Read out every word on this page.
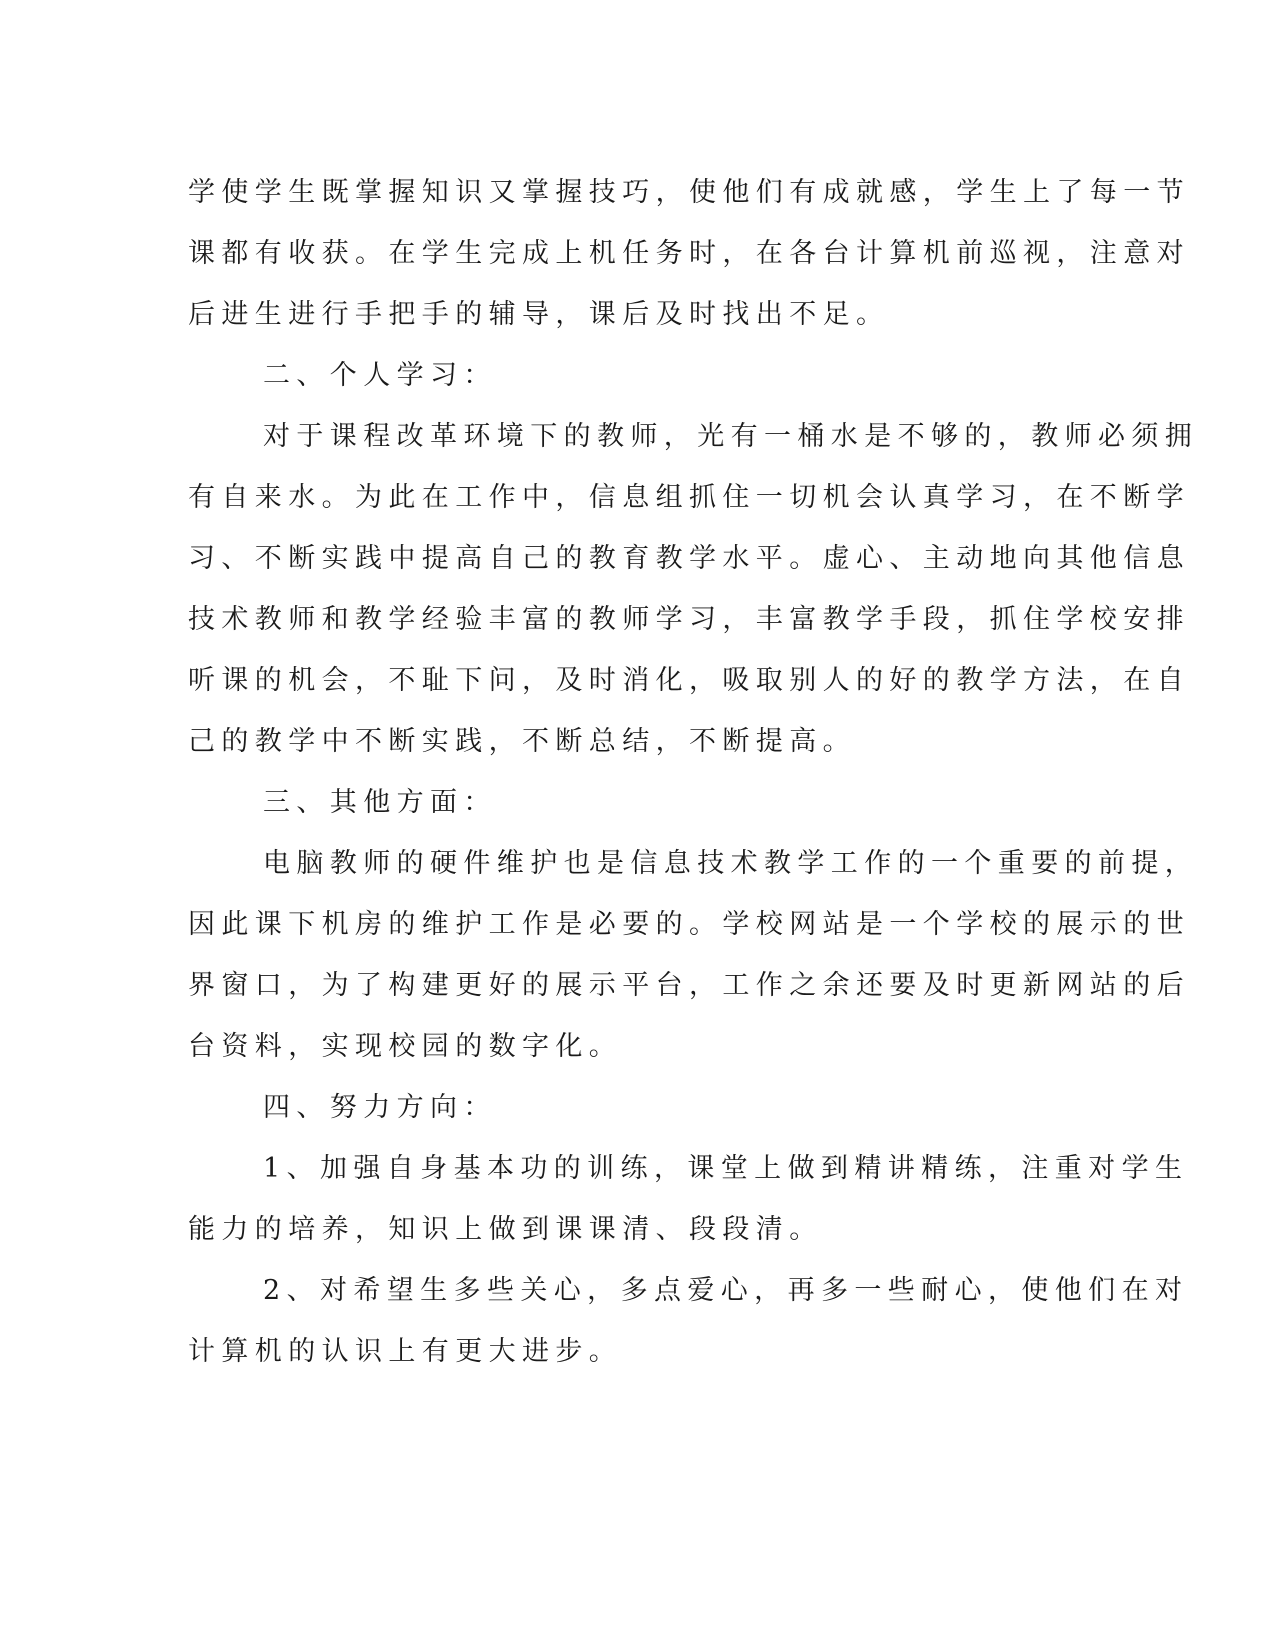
学使学生既掌握知识又掌握技巧，使他们有成就感，学生上了每一节
课都有收获。在学生完成上机任务时，在各台计算机前巡视，注意对
后进生进行手把手的辅导，课后及时找出不足。
二、个人学习：
对于课程改革环境下的教师，光有一桶水是不够的，教师必须拥
有自来水。为此在工作中，信息组抓住一切机会认真学习，在不断学
习、不断实践中提高自己的教育教学水平。虚心、主动地向其他信息
技术教师和教学经验丰富的教师学习，丰富教学手段，抓住学校安排
听课的机会，不耻下问，及时消化，吸取别人的好的教学方法，在自
己的教学中不断实践，不断总结，不断提高。
三、其他方面：
电脑教师的硬件维护也是信息技术教学工作的一个重要的前提，
因此课下机房的维护工作是必要的。学校网站是一个学校的展示的世
界窗口，为了构建更好的展示平台，工作之余还要及时更新网站的后
台资料，实现校园的数字化。
四、努力方向：
1、加强自身基本功的训练，课堂上做到精讲精练，注重对学生
能力的培养，知识上做到课课清、段段清。
2、对希望生多些关心，多点爱心，再多一些耐心，使他们在对
计算机的认识上有更大进步。
